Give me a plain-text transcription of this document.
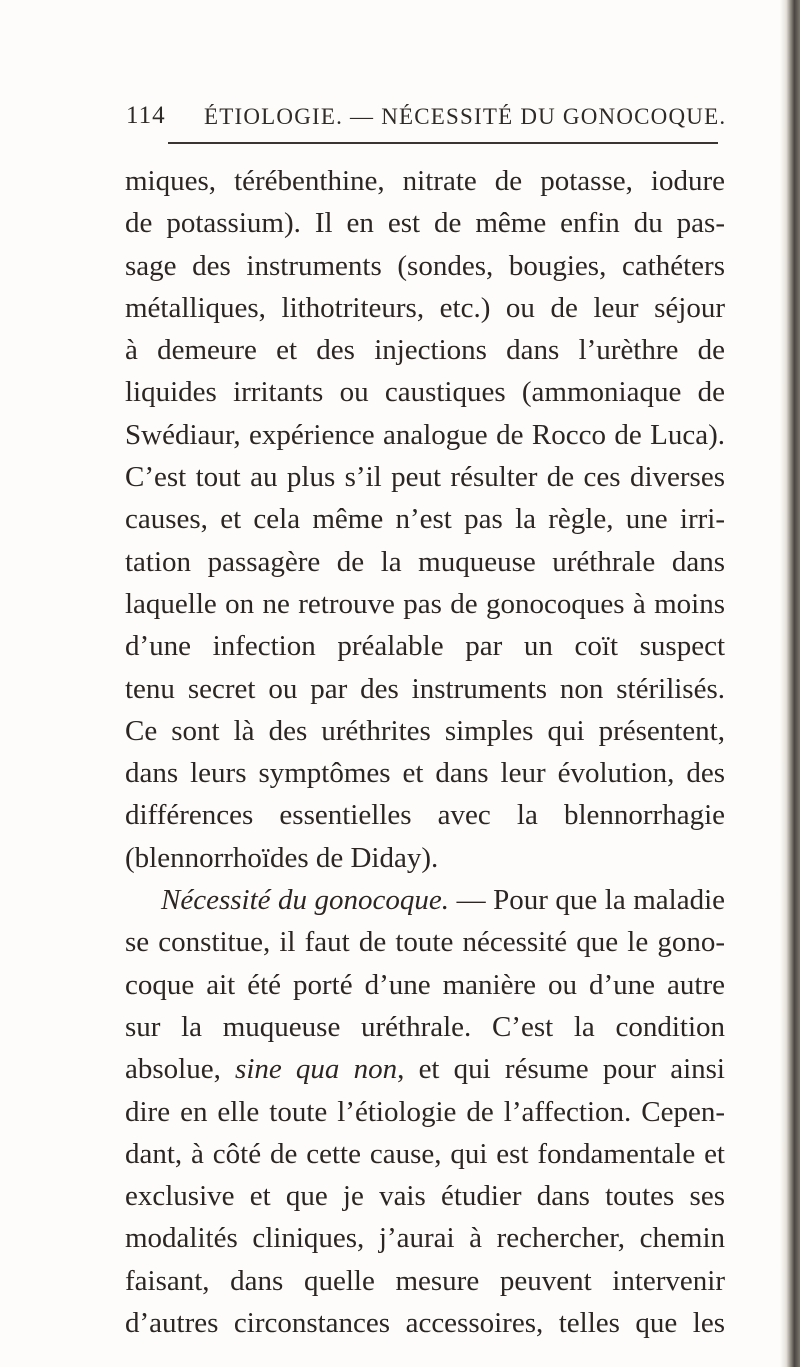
114 ÉTIOLOGIE. — NÉCESSITÉ DU GONOCOQUE.
miques, térébenthine, nitrate de potasse, iodure
de potassium). Il en est de même enfin du pas-
sage des instruments (sondes, bougies, cathéters
métalliques, lithotriteurs, etc.) ou de leur séjour
à demeure et des injections dans l’urèthre de
liquides irritants ou caustiques (ammoniaque de
Swédiaur, expérience analogue de Rocco de Luca).
C’est tout au plus s’il peut résulter de ces diverses
causes, et cela même n’est pas la règle, une irri-
tation passagère de la muqueuse uréthrale dans
laquelle on ne retrouve pas de gonocoques à moins
d’une infection préalable par un coït suspect
tenu secret ou par des instruments non stérilisés.
Ce sont là des uréthrites simples qui présentent,
dans leurs symptômes et dans leur évolution, des
différences essentielles avec la blennorrhagie
(blennorrhoïdes de Diday).
Nécessité du gonocoque. — Pour que la maladie
se constitue, il faut de toute nécessité que le gono-
coque ait été porté d’une manière ou d’une autre
sur la muqueuse uréthrale. C’est la condition
absolue, sine qua non, et qui résume pour ainsi
dire en elle toute l’étiologie de l’affection. Cepen-
dant, à côté de cette cause, qui est fondamentale et
exclusive et que je vais étudier dans toutes ses
modalités cliniques, j’aurai à rechercher, chemin
faisant, dans quelle mesure peuvent intervenir
d’autres circonstances accessoires, telles que les
